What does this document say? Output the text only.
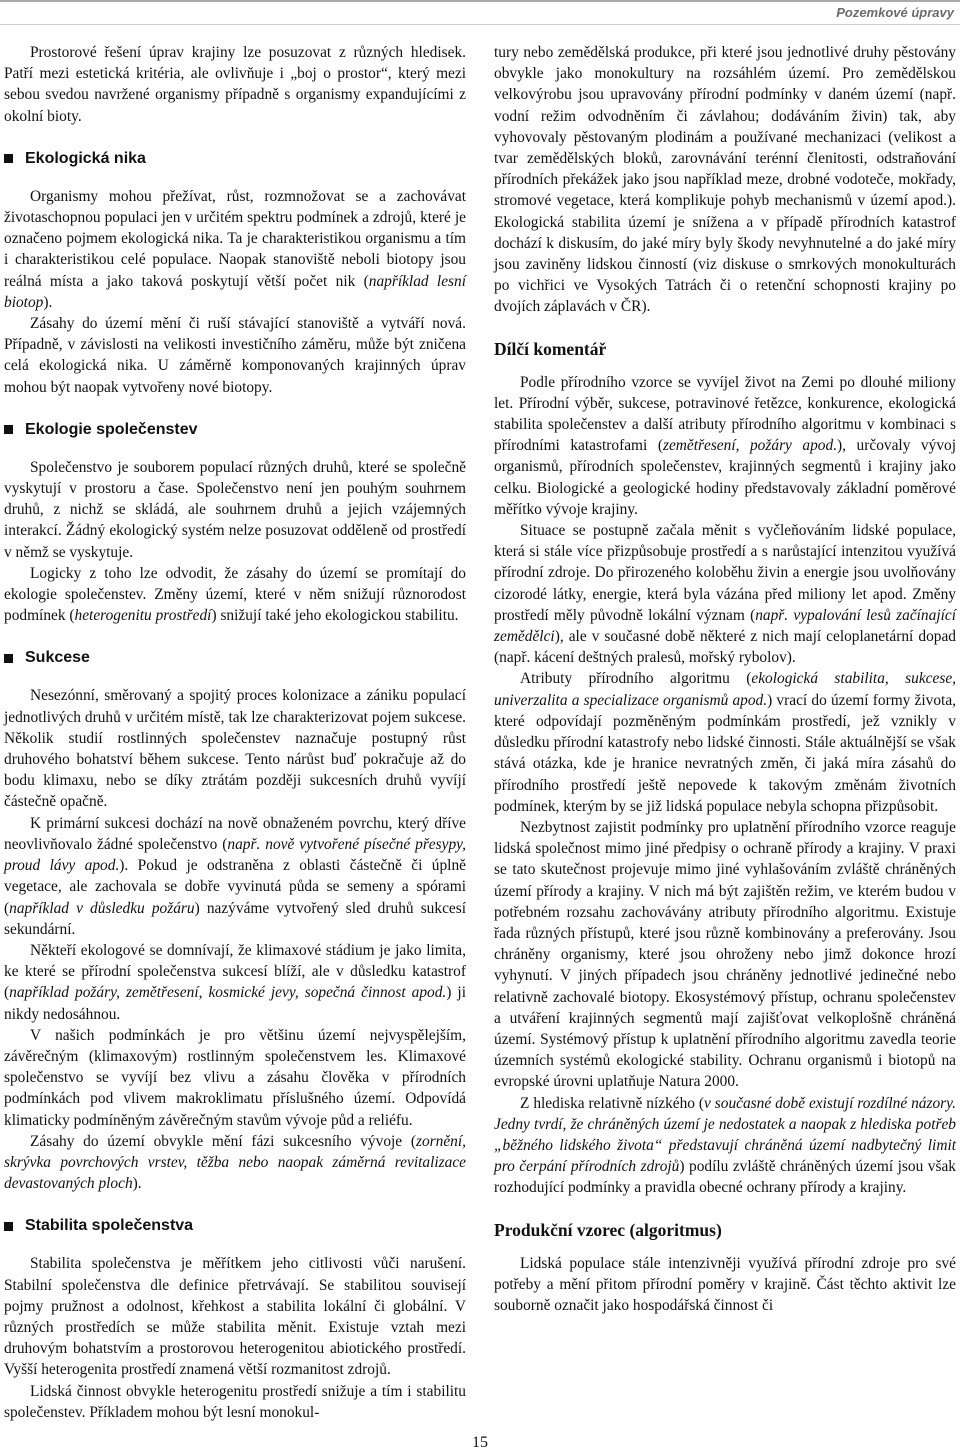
Pozemkové úpravy

Prostorové řešení úprav krajiny lze posuzovat z různých hledisek. Patří mezi estetická kritéria, ale ovlivňuje i „boj o prostor“, který mezi sebou svedou navržené organismy případně s organismy expandujícími z okolní bioty.

Ekologická nika

Organismy mohou přežívat, růst, rozmnožovat se a zachovávat životaschopnou populaci jen v určitém spektru podmínek a zdrojů, které je označeno pojmem ekologická nika. Ta je charakteristikou organismu a tím i charakteristikou celé populace. Naopak stanoviště neboli biotopy jsou reálná místa a jako taková poskytují větší počet nik (například lesní biotop).

Zásahy do území mění či ruší stávající stanoviště a vytváří nová. Případně, v závislosti na velikosti investičního záměru, může být zničena celá ekologická nika. U záměrně komponovaných krajinných úprav mohou být naopak vytvořeny nové biotopy.

Ekologie společenstev

Společenstvo je souborem populací různých druhů, které se společně vyskytují v prostoru a čase. Společenstvo není jen pouhým souhrnem druhů, z nichž se skládá, ale souhrnem druhů a jejich vzájemných interakcí. Žádný ekologický systém nelze posuzovat odděleně od prostředí v němž se vyskytuje.

Logicky z toho lze odvodit, že zásahy do území se promítají do ekologie společenstev. Změny území, které v něm snižují různorodost podmínek (heterogenitu prostředí) snižují také jeho ekologickou stabilitu.

Sukcese

Nesezónní, směrovaný a spojitý proces kolonizace a zániku populací jednotlivých druhů v určitém místě, tak lze charakterizovat pojem sukcese. Několik studií rostlinných společenstev naznačuje postupný růst druhového bohatství během sukcese. Tento nárůst buď pokračuje až do bodu klimaxu, nebo se díky ztrátám později sukcesních druhů vyvíjí částečně opačně.

K primární sukcesi dochází na nově obnaženém povrchu, který dříve neovlivňovalo žádné společenstvo (např. nově vytvořené písečné přesypy, proud lávy apod.). Pokud je odstraněna z oblasti částečně či úplně vegetace, ale zachovala se dobře vyvinutá půda se semeny a spórami (například v důsledku požáru) nazýváme vytvořený sled druhů sukcesí sekundární.

Někteří ekologové se domnívají, že klimaxové stádium je jako limita, ke které se přírodní společenstva sukcesí blíží, ale v důsledku katastrof (například požáry, zemětřesení, kosmické jevy, sopečná činnost apod.) ji nikdy nedosáhnou.

V našich podmínkách je pro většinu území nejvyspělejším, závěrečným (klimaxovým) rostlinným společenstvem les. Klimaxové společenstvo se vyvíjí bez vlivu a zásahu člověka v přírodních podmínkách pod vlivem makroklimatu příslušného území. Odpovídá klimaticky podmíněným závěrečným stavům vývoje půd a reliéfu.

Zásahy do území obvykle mění fázi sukcesního vývoje (zornění, skrývka povrchových vrstev, těžba nebo naopak záměrná revitalizace devastovaných ploch).

Stabilita společenstva

Stabilita společenstva je měřítkem jeho citlivosti vůči narušení. Stabilní společenstva dle definice přetrvávají. Se stabilitou souvisejí pojmy pružnost a odolnost, křehkost a stabilita lokální či globální. V různých prostředích se může stabilita měnit. Existuje vztah mezi druhovým bohatstvím a prostorovou heterogenitou abiotického prostředí. Vyšší heterogenita prostředí znamená větší rozmanitost zdrojů.

Lidská činnost obvykle heterogenitu prostředí snižuje a tím i stabilitu společenstev. Příkladem mohou být lesní monokul-

tury nebo zemědělská produkce, při které jsou jednotlivé druhy pěstovány obvykle jako monokultury na rozsáhlém území. Pro zemědělskou velkovýrobu jsou upravovány přírodní podmínky v daném území (např. vodní režim odvodněním či závlahou; dodáváním živin) tak, aby vyhovovaly pěstovaným plodinám a používané mechanizaci (velikost a tvar zemědělských bloků, zarovnávání terénní členitosti, odstraňování přírodních překážek jako jsou například meze, drobné vodoteče, mokřady, stromové vegetace, která komplikuje pohyb mechanismů v území apod.). Ekologická stabilita území je snížena a v případě přírodních katastrof dochází k diskusím, do jaké míry byly škody nevyhnutelné a do jaké míry jsou zaviněny lidskou činností (viz diskuse o smrkových monokulturách po vichřici ve Vysokých Tatrách či o retenční schopnosti krajiny po dvojích záplavách v ČR).

Dílčí komentář

Podle přírodního vzorce se vyvíjel život na Zemi po dlouhé miliony let. Přírodní výběr, sukcese, potravinové řetězce, konkurence, ekologická stabilita společenstev a další atributy přírodního algoritmu v kombinaci s přírodními katastrofami (zemětřesení, požáry apod.), určovaly vývoj organismů, přírodních společenstev, krajinných segmentů i krajiny jako celku. Biologické a geologické hodiny představovaly základní poměrové měřítko vývoje krajiny.

Situace se postupně začala měnit s vyčleňováním lidské populace, která si stále více přizpůsobuje prostředí a s narůstající intenzitou využívá přírodní zdroje. Do přirozeného koloběhu živin a energie jsou uvolňovány cizorodé látky, energie, která byla vázána před miliony let apod. Změny prostředí měly původně lokální význam (např. vypalování lesů začínající zemědělci), ale v současné době některé z nich mají celoplanetární dopad (např. kácení deštných pralesů, mořský rybolov).

Atributy přírodního algoritmu (ekologická stabilita, sukcese, univerzalita a specializace organismů apod.) vrací do území formy života, které odpovídají pozměněným podmínkám prostředí, jež vznikly v důsledku přírodní katastrofy nebo lidské činnosti. Stále aktuálnější se však stává otázka, kde je hranice nevratných změn, či jaká míra zásahů do přírodního prostředí ještě nepovede k takovým změnám životních podmínek, kterým by se již lidská populace nebyla schopna přizpůsobit.

Nezbytnost zajistit podmínky pro uplatnění přírodního vzorce reaguje lidská společnost mimo jiné předpisy o ochraně přírody a krajiny. V praxi se tato skutečnost projevuje mimo jiné vyhlašováním zvláště chráněných území přírody a krajiny. V nich má být zajištěn režim, ve kterém budou v potřebném rozsahu zachovávány atributy přírodního algoritmu. Existuje řada různých přístupů, které jsou různě kombinovány a preferovány. Jsou chráněny organismy, které jsou ohroženy nebo jimž dokonce hrozí vyhynutí. V jiných případech jsou chráněny jednotlivé jedinečné nebo relativně zachovalé biotopy. Ekosystémový přístup, ochranu společenstev a utváření krajinných segmentů mají zajišťovat velkoplošně chráněná území. Systémový přístup k uplatnění přírodního algoritmu zavedla teorie územních systémů ekologické stability. Ochranu organismů i biotopů na evropské úrovni uplatňuje Natura 2000.

Z hlediska relativně nízkého (v současné době existují rozdílné názory. Jedny tvrdí, že chráněných území je nedostatek a naopak z hlediska potřeb „běžného lidského života“ představují chráněná území nadbytečný limit pro čerpání přírodních zdrojů) podílu zvláště chráněných území jsou však rozhodující podmínky a pravidla obecné ochrany přírody a krajiny.

Produkční vzorec (algoritmus)

Lidská populace stále intenzivněji využívá přírodní zdroje pro své potřeby a mění přitom přírodní poměry v krajině. Část těchto aktivit lze souborně označit jako hospodářská činnost či

15
